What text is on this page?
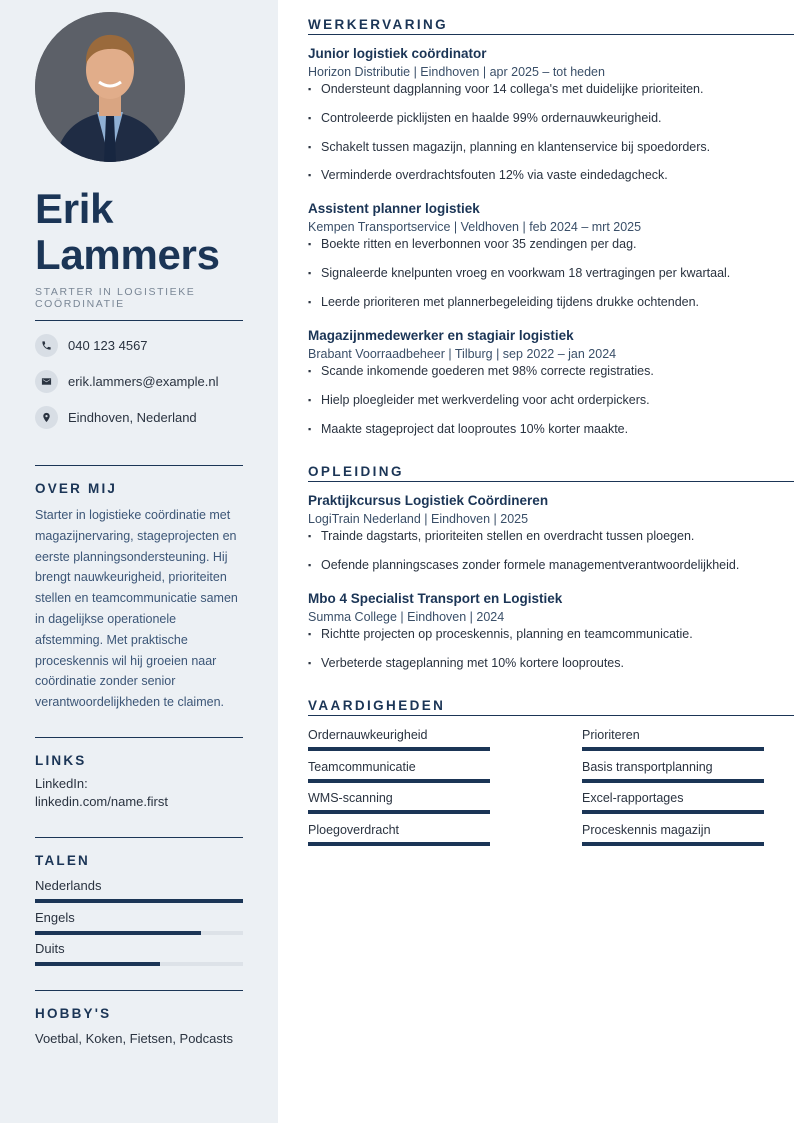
Erik
Lammers
STARTER IN LOGISTIEKE COÖRDINATIE
040 123 4567
erik.lammers@example.nl
Eindhoven, Nederland
OVER MIJ
Starter in logistieke coördinatie met magazijnervaring, stageprojecten en eerste planningsondersteuning. Hij brengt nauwkeurigheid, prioriteiten stellen en teamcommunicatie samen in dagelijkse operationele afstemming. Met praktische proceskennis wil hij groeien naar coördinatie zonder senior verantwoordelijkheden te claimen.
LINKS
LinkedIn:
linkedin.com/name.first
TALEN
Nederlands
Engels
Duits
HOBBY'S
Voetbal, Koken, Fietsen, Podcasts
WERKERVARING
OPLEIDING
VAARDIGHEDEN
Junior logistiek coördinator
Horizon Distributie | Eindhoven | apr 2025 – tot heden
▪ Ondersteunt dagplanning voor 14 collega's met duidelijke prioriteiten.
▪ Controleerde picklijsten en haalde 99% ordernauwkeurigheid.
▪ Schakelt tussen magazijn, planning en klantenservice bij spoedorders.
▪ Verminderde overdrachtsfouten 12% via vaste eindedagcheck.
Assistent planner logistiek
Kempen Transportservice | Veldhoven | feb 2024 – mrt 2025
▪ Boekte ritten en leverbonnen voor 35 zendingen per dag.
▪ Signaleerde knelpunten vroeg en voorkwam 18 vertragingen per kwartaal.
▪ Leerde prioriteren met plannerbegeleiding tijdens drukke ochtenden.
Magazijnmedewerker en stagiair logistiek
Brabant Voorraadbeheer | Tilburg | sep 2022 – jan 2024
▪ Scande inkomende goederen met 98% correcte registraties.
▪ Hielp ploegleider met werkverdeling voor acht orderpickers.
▪ Maakte stageproject dat looproutes 10% korter maakte.
Praktijkcursus Logistiek Coördineren
LogiTrain Nederland | Eindhoven | 2025
▪ Trainde dagstarts, prioriteiten stellen en overdracht tussen ploegen.
▪ Oefende planningscases zonder formele managementverantwoordelijkheid.
Mbo 4 Specialist Transport en Logistiek
Summa College | Eindhoven | 2024
▪ Richtte projecten op proceskennis, planning en teamcommunicatie.
▪ Verbeterde stageplanning met 10% kortere looproutes.
Ordernauwkeurigheid	Prioriteren
Teamcommunicatie	Basis transportplanning
WMS-scanning	Excel-rapportages
Ploegoverdracht	Proceskennis magazijn
